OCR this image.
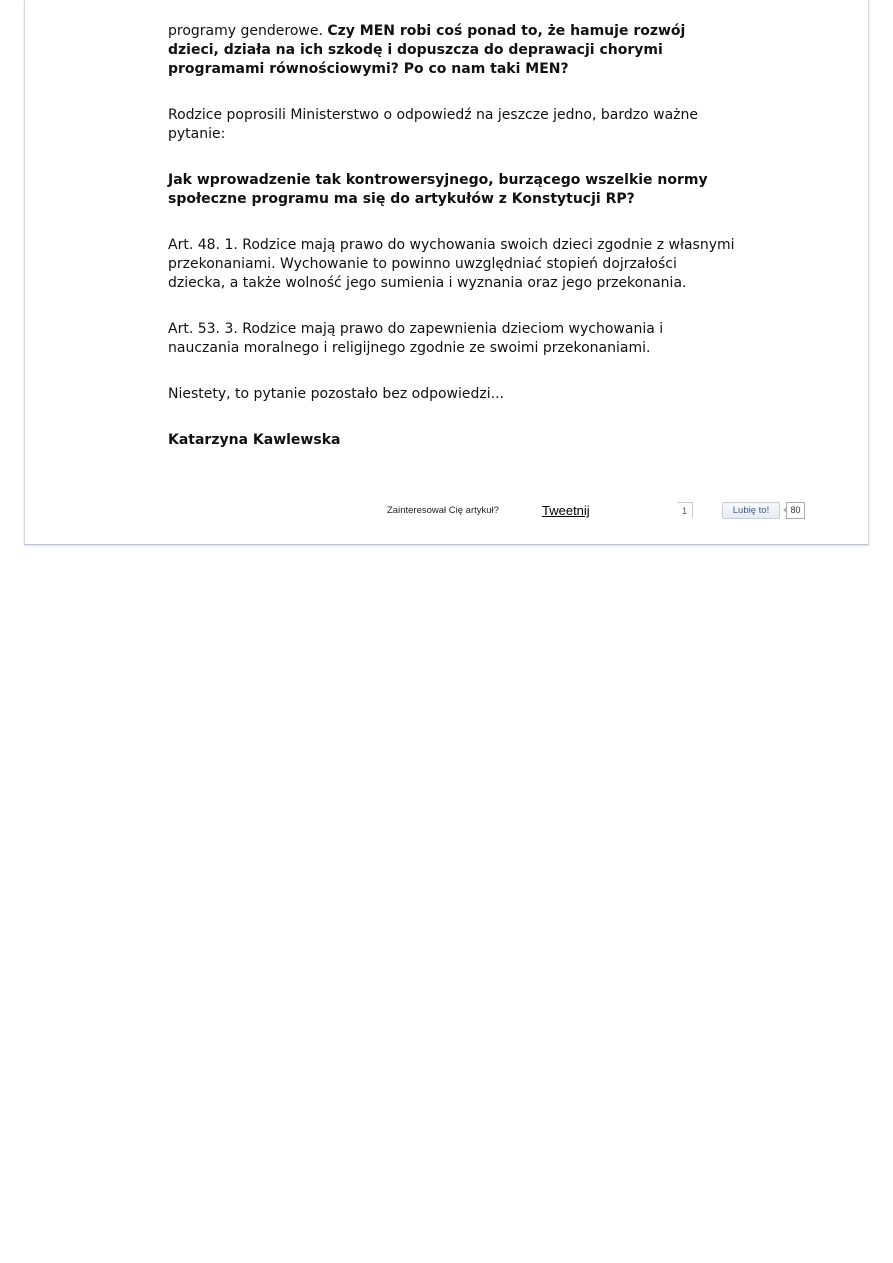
programy genderowe. Czy MEN robi coś ponad to, że hamuje rozwój dzieci, działa na ich szkodę i dopuszcza do deprawacji chorymi programami równościowymi? Po co nam taki MEN?

Rodzice poprosili Ministerstwo o odpowiedź na jeszcze jedno, bardzo ważne pytanie:

Jak wprowadzenie tak kontrowersyjnego, burzącego wszelkie normy społeczne programu ma się do artykułów z Konstytucji RP?

Art. 48. 1. Rodzice mają prawo do wychowania swoich dzieci zgodnie z własnymi przekonaniami. Wychowanie to powinno uwzględniać stopień dojrzałości dziecka, a także wolność jego sumienia i wyznania oraz jego przekonania.

Art. 53. 3. Rodzice mają prawo do zapewnienia dzieciom wychowania i nauczania moralnego i religijnego zgodnie ze swoimi przekonaniami.

Niestety, to pytanie pozostało bez odpowiedzi...

Katarzyna Kawlewska

Zainteresował Cię artykuł?	Tweetnij	1	Lubię to!	80
